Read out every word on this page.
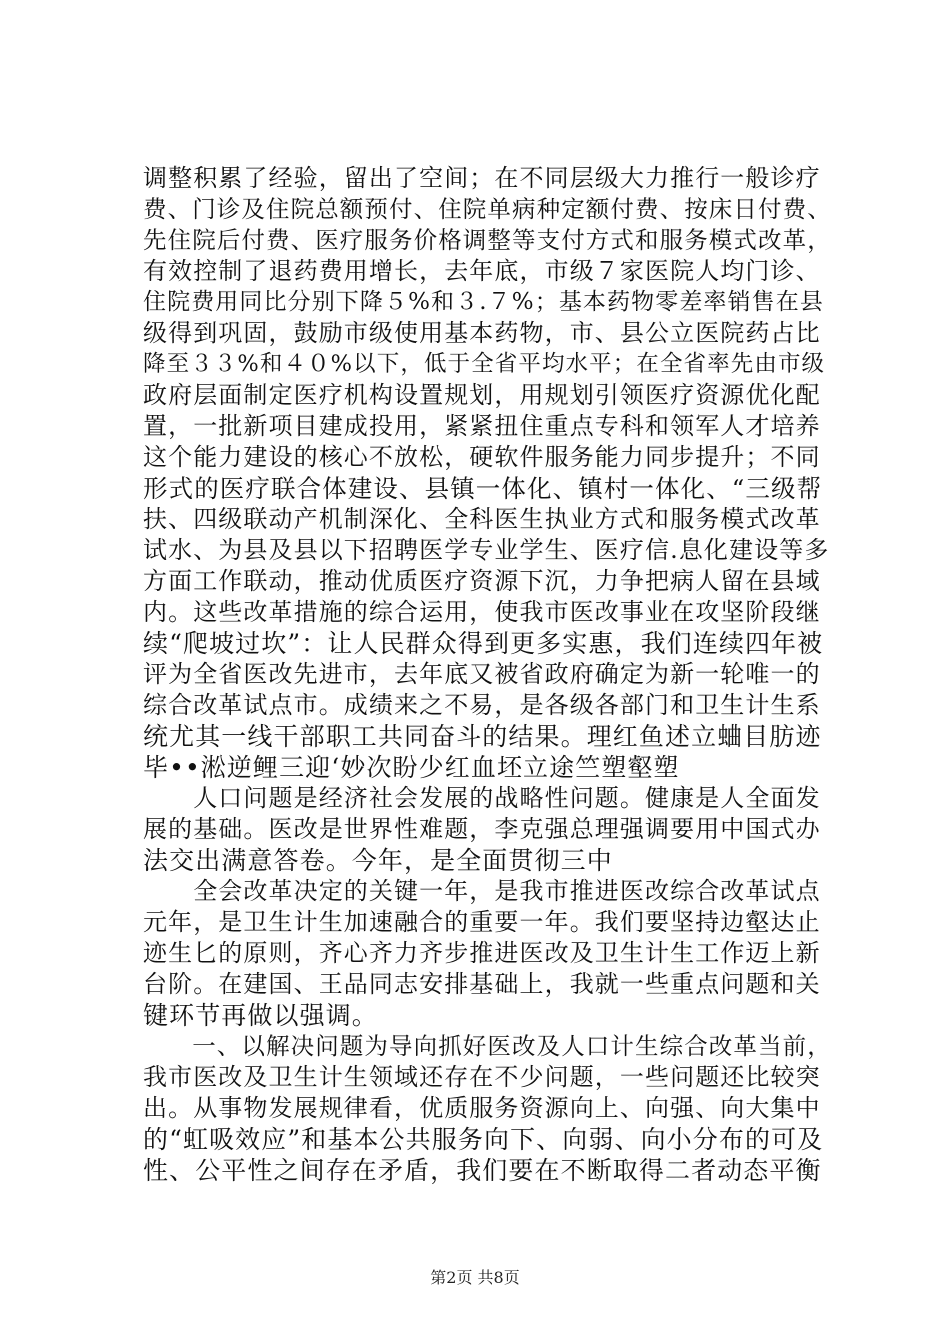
调整积累了经验，留出了空间；在不同层级大力推行一般诊疗
费、门诊及住院总额预付、住院单病种定额付费、按床日付费、
先住院后付费、医疗服务价格调整等支付方式和服务模式改革，
有效控制了退药费用增长，去年底，市级７家医院人均门诊、
住院费用同比分别下降５%和３.７%；基本药物零差率销售在县
级得到巩固，鼓励市级使用基本药物，市、县公立医院药占比
降至３３%和４０%以下，低于全省平均水平；在全省率先由市级
政府层面制定医疗机构设置规划，用规划引领医疗资源优化配
置，一批新项目建成投用，紧紧扭住重点专科和领军人才培养
这个能力建设的核心不放松，硬软件服务能力同步提升；不同
形式的医疗联合体建设、县镇一体化、镇村一体化、“三级帮
扶、四级联动产机制深化、全科医生执业方式和服务模式改革
试水、为县及县以下招聘医学专业学生、医疗信.息化建设等多
方面工作联动，推动优质医疗资源下沉，力争把病人留在县域
内。这些改革措施的综合运用，使我市医改事业在攻坚阶段继
续“爬坡过坎”：让人民群众得到更多实惠，我们连续四年被
评为全省医改先进市，去年底又被省政府确定为新一轮唯一的
综合改革试点市。成绩来之不易，是各级各部门和卫生计生系
统尤其一线干部职工共同奋斗的结果。理红鱼述立蛐目肪迹
毕••淞逆鲤三迎‘妙次盼少红血坯立途竺塑壑塑
　　人口问题是经济社会发展的战略性问题。健康是人全面发
展的基础。医改是世界性难题，李克强总理强调要用中国式办
法交出满意答卷。今年，是全面贯彻三中
　　全会改革决定的关键一年，是我市推进医改综合改革试点
元年，是卫生计生加速融合的重要一年。我们要坚持边壑达止
迹生匕的原则，齐心齐力齐步推进医改及卫生计生工作迈上新
台阶。在建国、王品同志安排基础上，我就一些重点问题和关
键环节再做以强调。
　　一、以解决问题为导向抓好医改及人口计生综合改革当前，
我市医改及卫生计生领域还存在不少问题，一些问题还比较突
出。从事物发展规律看，优质服务资源向上、向强、向大集中
的“虹吸效应”和基本公共服务向下、向弱、向小分布的可及
性、公平性之间存在矛盾，我们要在不断取得二者动态平衡
第2页 共8页
